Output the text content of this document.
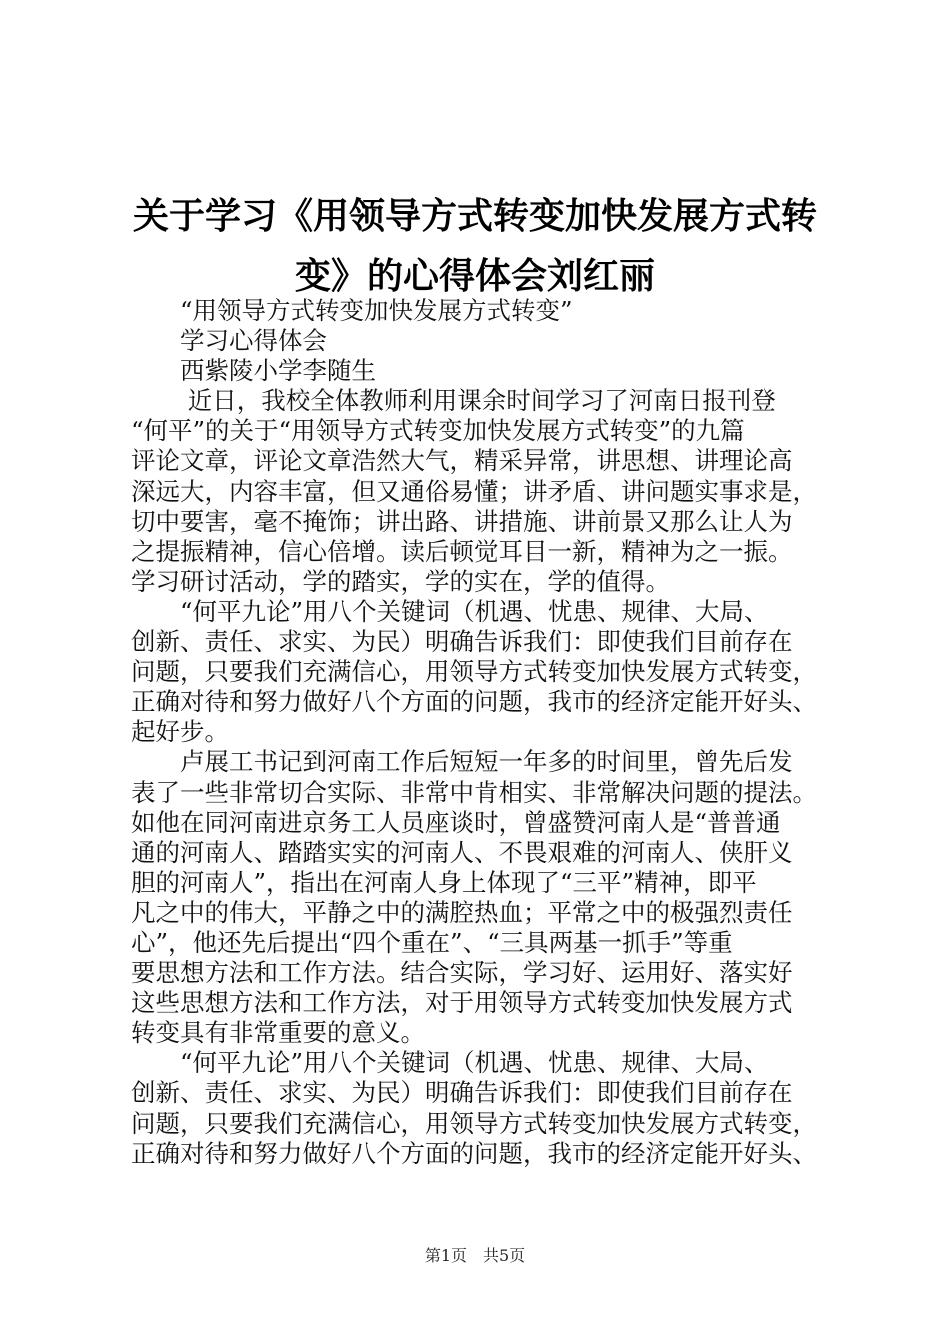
关于学习《用领导方式转变加快发展方式转
变》的心得体会刘红丽
　　“用领导方式转变加快发展方式转变”
　　学习心得体会
　　西紫陵小学李随生
　　 近日，我校全体教师利用课余时间学习了河南日报刊登
“何平”的关于“用领导方式转变加快发展方式转变”的九篇
评论文章，评论文章浩然大气，精采异常，讲思想、讲理论高
深远大，内容丰富，但又通俗易懂；讲矛盾、讲问题实事求是，
切中要害，毫不掩饰；讲出路、讲措施、讲前景又那么让人为
之提振精神，信心倍增。读后顿觉耳目一新，精神为之一振。
学习研讨活动，学的踏实，学的实在，学的值得。
　　“何平九论”用八个关键词（机遇、忧患、规律、大局、
创新、责任、求实、为民）明确告诉我们：即使我们目前存在
问题，只要我们充满信心，用领导方式转变加快发展方式转变，
正确对待和努力做好八个方面的问题，我市的经济定能开好头、
起好步。
　　卢展工书记到河南工作后短短一年多的时间里，曾先后发
表了一些非常切合实际、非常中肯相实、非常解决问题的提法。
如他在同河南进京务工人员座谈时，曾盛赞河南人是“普普通
通的河南人、踏踏实实的河南人、不畏艰难的河南人、侠肝义
胆的河南人”，指出在河南人身上体现了“三平”精神，即平
凡之中的伟大，平静之中的满腔热血；平常之中的极强烈责任
心”，他还先后提出“四个重在”、“三具两基一抓手”等重
要思想方法和工作方法。结合实际，学习好、运用好、落实好
这些思想方法和工作方法，对于用领导方式转变加快发展方式
转变具有非常重要的意义。
　　“何平九论”用八个关键词（机遇、忧患、规律、大局、
创新、责任、求实、为民）明确告诉我们：即使我们目前存在
问题，只要我们充满信心，用领导方式转变加快发展方式转变，
正确对待和努力做好八个方面的问题，我市的经济定能开好头、
第1页　共5页
